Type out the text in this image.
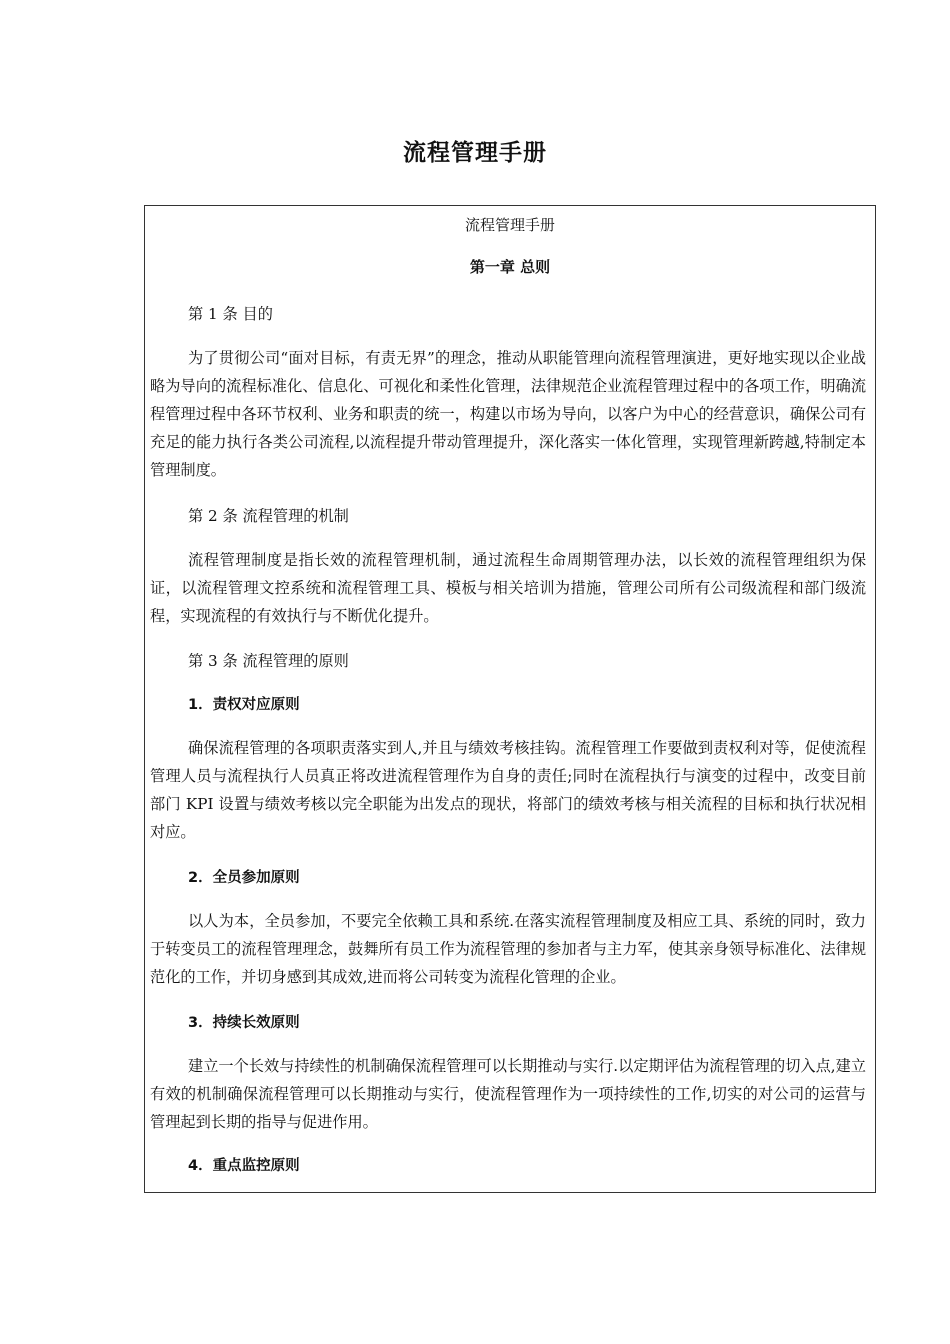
流程管理手册

流程管理手册

第一章 总则

第 1 条 目的

为了贯彻公司“面对目标，有责无界”的理念，推动从职能管理向流程管理演进，更好地实现以企业战略为导向的流程标准化、信息化、可视化和柔性化管理，法律规范企业流程管理过程中的各项工作，明确流程管理过程中各环节权利、业务和职责的统一，构建以市场为导向，以客户为中心的经营意识，确保公司有充足的能力执行各类公司流程,以流程提升带动管理提升，深化落实一体化管理，实现管理新跨越,特制定本管理制度。

第 2 条 流程管理的机制

流程管理制度是指长效的流程管理机制，通过流程生命周期管理办法，以长效的流程管理组织为保证，以流程管理文控系统和流程管理工具、模板与相关培训为措施，管理公司所有公司级流程和部门级流程，实现流程的有效执行与不断优化提升。

第 3 条 流程管理的原则

1．责权对应原则

确保流程管理的各项职责落实到人,并且与绩效考核挂钩。流程管理工作要做到责权利对等，促使流程管理人员与流程执行人员真正将改进流程管理作为自身的责任;同时在流程执行与演变的过程中，改变目前部门 KPI 设置与绩效考核以完全职能为出发点的现状，将部门的绩效考核与相关流程的目标和执行状况相对应。

2．全员参加原则

以人为本，全员参加，不要完全依赖工具和系统.在落实流程管理制度及相应工具、系统的同时，致力于转变员工的流程管理理念，鼓舞所有员工作为流程管理的参加者与主力军，使其亲身领导标准化、法律规范化的工作，并切身感到其成效,进而将公司转变为流程化管理的企业。

3．持续长效原则

建立一个长效与持续性的机制确保流程管理可以长期推动与实行.以定期评估为流程管理的切入点,建立有效的机制确保流程管理可以长期推动与实行，使流程管理作为一项持续性的工作,切实的对公司的运营与管理起到长期的指导与促进作用。

4．重点监控原则
